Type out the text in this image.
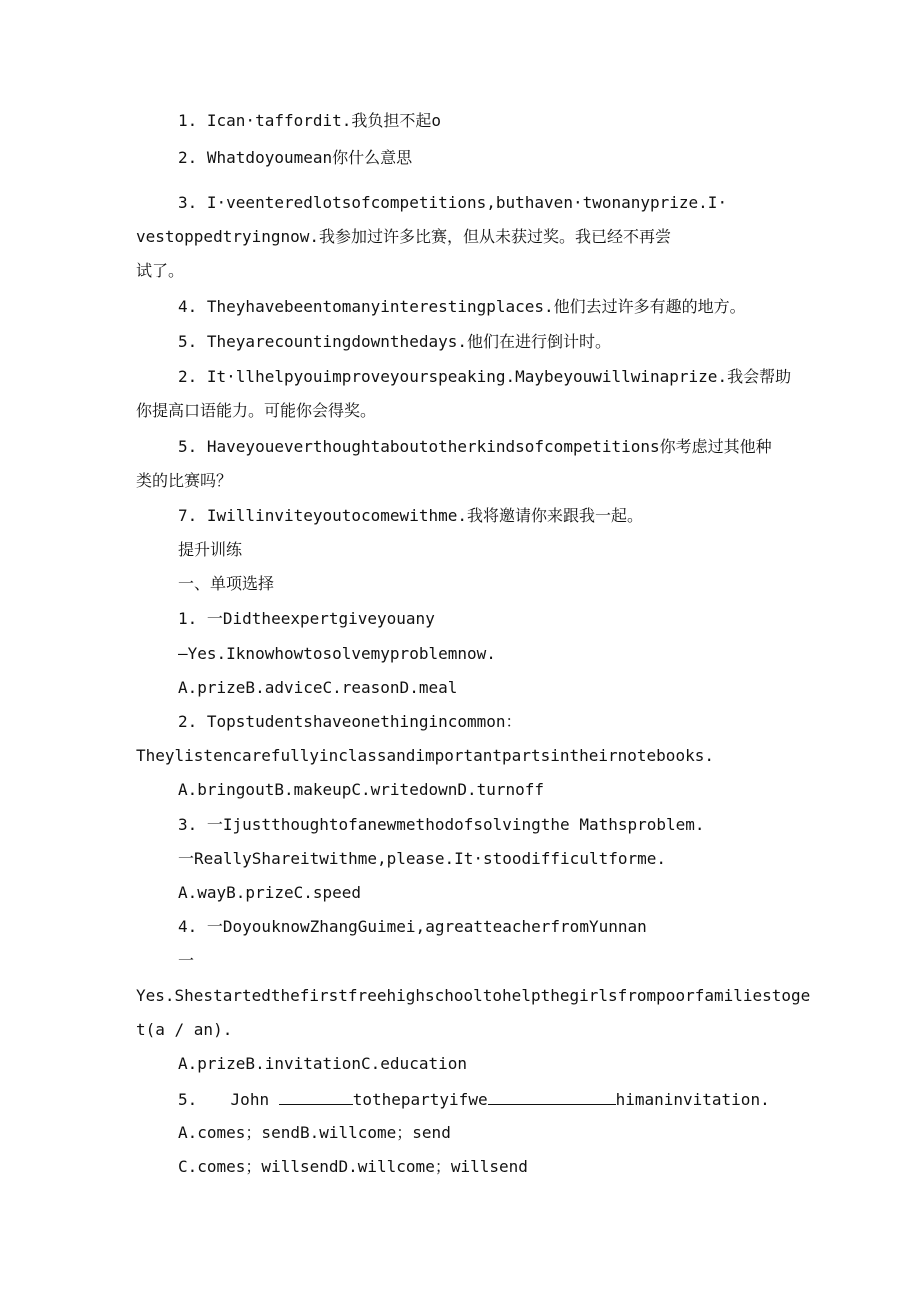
1. Ican·taffordit.我负担不起o
2. Whatdoyoumean你什么意思
3. I·veenteredlotsofcompetitions,buthaven·twonanyprize.I·
vestoppedtryingnow.我参加过许多比赛，但从未获过奖。我已经不再尝
试了。
4. Theyhavebeentomanyinterestingplaces.他们去过许多有趣的地方。
5. Theyarecountingdownthedays.他们在进行倒计时。
2. It·llhelpyouimproveyourspeaking.Maybeyouwillwinaprize.我会帮助
你提高口语能力。可能你会得奖。
5. Haveyoueverthoughtaboutotherkindsofcompetitions你考虑过其他种
类的比赛吗？
7. Iwillinviteyoutocomewithme.我将邀请你来跟我一起。
提升训练
一、单项选择
1. 一Didtheexpertgiveyouany
—Yes.Iknowhowtosolvemyproblemnow.
A.prizeB.adviceC.reasonD.meal
2. Topstudentshaveonethingincommon：
Theylistencarefullyinclassandimportantpartsintheirnotebooks.
A.bringoutB.makeupC.writedownD.turnoff
3. 一Ijustthoughtofanewmethodofsolvingthe Mathsproblem.
一ReallyShareitwithme,please.It·stoodifficultforme.
A.wayB.prizeC.speed
4. 一DoyouknowZhangGuimei,agreatteacherfromYunnan
一
Yes.Shestartedthefirstfreehighschooltohelpthegirlsfrompoorfamiliestoge
t(a / an).
A.prizeB.invitationC.education
5. John	tothepartyifwe	himaninvitation.
A.comes；sendB.willcome；send
C.comes；willsendD.willcome；willsend
